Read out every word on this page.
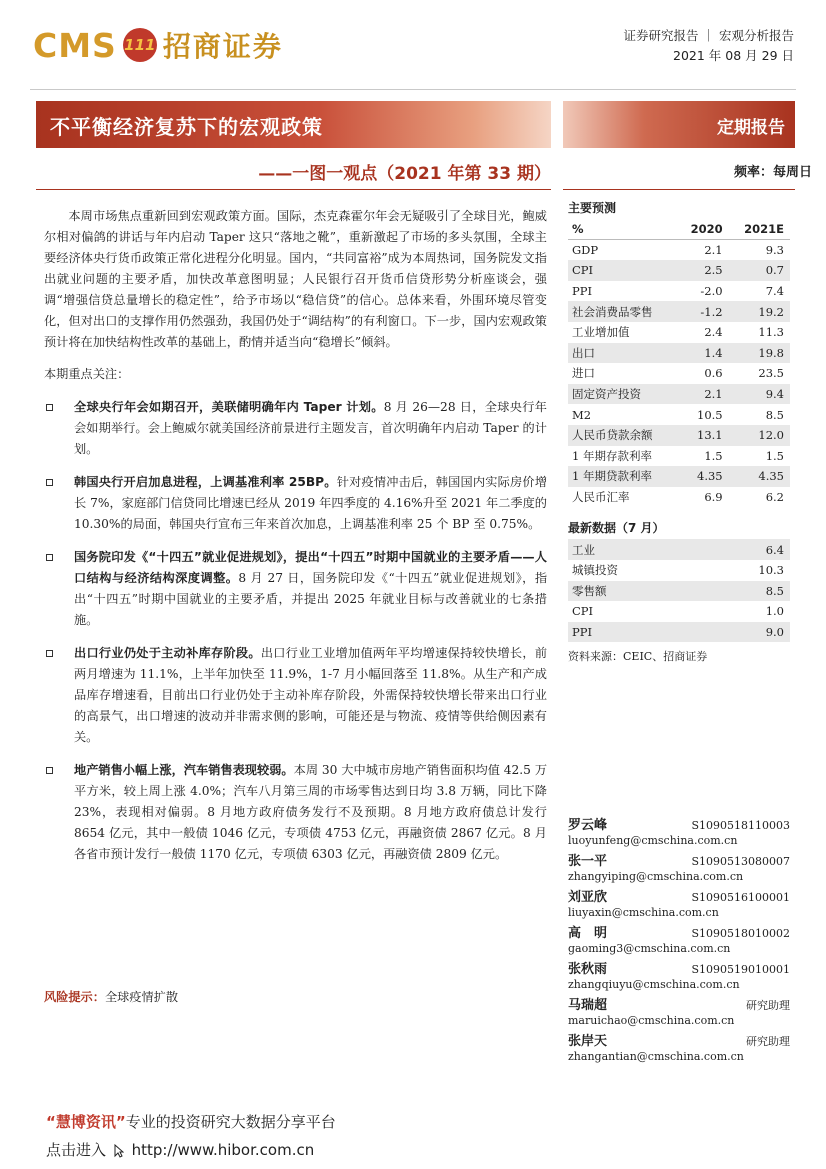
CMS 111 招商证券	证券研究报告 ｜ 宏观分析报告
2021 年 08 月 29 日
不平衡经济复苏下的宏观政策
——一图一观点（2021 年第 33 期）
定期报告
频率：每周日

本周市场焦点重新回到宏观政策方面。国际，杰克森霍尔年会无疑吸引了全球目光，鲍威尔相对偏鸽的讲话与年内启动 Taper 这只“落地之靴”，重新激起了市场的多头氛围，全球主要经济体央行货币政策正常化进程分化明显。国内，“共同富裕”成为本周热词，国务院发文指出就业问题的主要矛盾，加快改革意图明显；人民银行召开货币信贷形势分析座谈会，强调“增强信贷总量增长的稳定性”，给予市场以“稳信贷”的信心。总体来看，外围环境尽管变化，但对出口的支撑作用仍然强劲，我国仍处于“调结构”的有利窗口。下一步，国内宏观政策预计将在加快结构性改革的基础上，酌情并适当向“稳增长”倾斜。

本期重点关注：

全球央行年会如期召开，美联储明确年内 Taper 计划。8 月 26—28 日，全球央行年会如期举行。会上鲍威尔就美国经济前景进行主题发言，首次明确年内启动 Taper 的计划。
韩国央行开启加息进程，上调基准利率 25BP。针对疫情冲击后，韩国国内实际房价增长 7%，家庭部门信贷同比增速已经从 2019 年四季度的 4.16%升至 2021 年二季度的 10.30%的局面，韩国央行宣布三年来首次加息，上调基准利率 25 个 BP 至 0.75%。
国务院印发《“十四五”就业促进规划》，提出“十四五”时期中国就业的主要矛盾——人口结构与经济结构深度调整。8 月 27 日，国务院印发《“十四五”就业促进规划》，指出“十四五”时期中国就业的主要矛盾，并提出 2025 年就业目标与改善就业的七条措施。
出口行业仍处于主动补库存阶段。出口行业工业增加值两年平均增速保持较快增长，前两月增速为 11.1%，上半年加快至 11.9%，1-7 月小幅回落至 11.8%。从生产和产成品库存增速看，目前出口行业仍处于主动补库存阶段，外需保持较快增长带来出口行业的高景气，出口增速的波动并非需求侧的影响，可能还是与物流、疫情等供给侧因素有关。
地产销售小幅上涨，汽车销售表现较弱。本周 30 大中城市房地产销售面积均值 42.5 万平方米，较上周上涨 4.0%；汽车八月第三周的市场零售达到日均 3.8 万辆，同比下降 23%，表现相对偏弱。8 月地方政府债务发行不及预期。8 月地方政府债总计发行 8654 亿元，其中一般债 1046 亿元，专项债 4753 亿元，再融资债 2867 亿元。8 月各省市预计发行一般债 1170 亿元，专项债 6303 亿元，再融资债 2809 亿元。
风险提示：全球疫情扩散
主要预测
%	2020	2021E
GDP	2.1	9.3
CPI	2.5	0.7
PPI	-2.0	7.4
社会消费品零售	-1.2	19.2
工业增加值	2.4	11.3
出口	1.4	19.8
进口	0.6	23.5
固定资产投资	2.1	9.4
M2	10.5	8.5
人民币贷款余额	13.1	12.0
1 年期存款利率	1.5	1.5
1 年期贷款利率	4.35	4.35
人民币汇率	6.9	6.2
最新数据（7 月）
工业	6.4
城镇投资	10.3
零售额	8.5
CPI	1.0
PPI	9.0
资料来源：CEIC、招商证券
罗云峰	S1090518110003
luoyunfeng@cmschina.com.cn
张一平	S1090513080007
zhangyiping@cmschina.com.cn
刘亚欣	S1090516100001
liuyaxin@cmschina.com.cn
高　明	S1090518010002
gaoming3@cmschina.com.cn
张秋雨	S1090519010001
zhangqiuyu@cmschina.com.cn
马瑞超	研究助理
maruichao@cmschina.com.cn
张岸天	研究助理
zhangantian@cmschina.com.cn
“慧博资讯”专业的投资研究大数据分享平台
点击进入 http://www.hibor.com.cn
